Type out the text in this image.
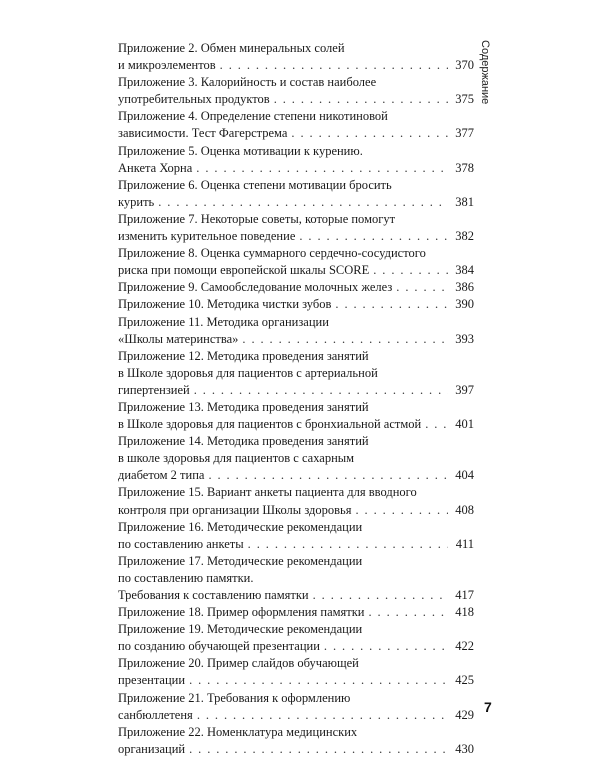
Содержание
Приложение 2. Обмен минеральных солей
и микроэлементов . . .	370
Приложение 3. Калорийность и состав наиболее
употребительных продуктов . . .	375
Приложение 4. Определение степени никотиновой
зависимости. Тест Фагерстрема . . .	377
Приложение 5. Оценка мотивации к курению.
Анкета Хорна . . .	378
Приложение 6. Оценка степени мотивации бросить
курить . . .	381
Приложение 7. Некоторые советы, которые помогут
изменить курительное поведение . . .	382
Приложение 8. Оценка суммарного сердечно-сосудистого
риска при помощи европейской шкалы SCORE . . .	384
Приложение 9. Самообследование молочных желез . . .	386
Приложение 10. Методика чистки зубов . . .	390
Приложение 11. Методика организации
«Школы материнства» . . .	393
Приложение 12. Методика проведения занятий
в Школе здоровья для пациентов с артериальной
гипертензией . . .	397
Приложение 13. Методика проведения занятий
в Школе здоровья для пациентов с бронхиальной астмой . . .	401
Приложение 14. Методика проведения занятий
в школе здоровья для пациентов с сахарным
диабетом 2 типа . . .	404
Приложение 15. Вариант анкеты пациента для вводного
контроля при организации Школы здоровья . . .	408
Приложение 16. Методические рекомендации
по составлению анкеты . . .	411
Приложение 17. Методические рекомендации
по составлению памятки.
Требования к составлению памятки . . .	417
Приложение 18. Пример оформления памятки . . .	418
Приложение 19. Методические рекомендации
по созданию обучающей презентации . . .	422
Приложение 20. Пример слайдов обучающей
презентации . . .	425
Приложение 21. Требования к оформлению
санбюллетеня . . .	429
Приложение 22. Номенклатура медицинских
организаций . . .	430
7
